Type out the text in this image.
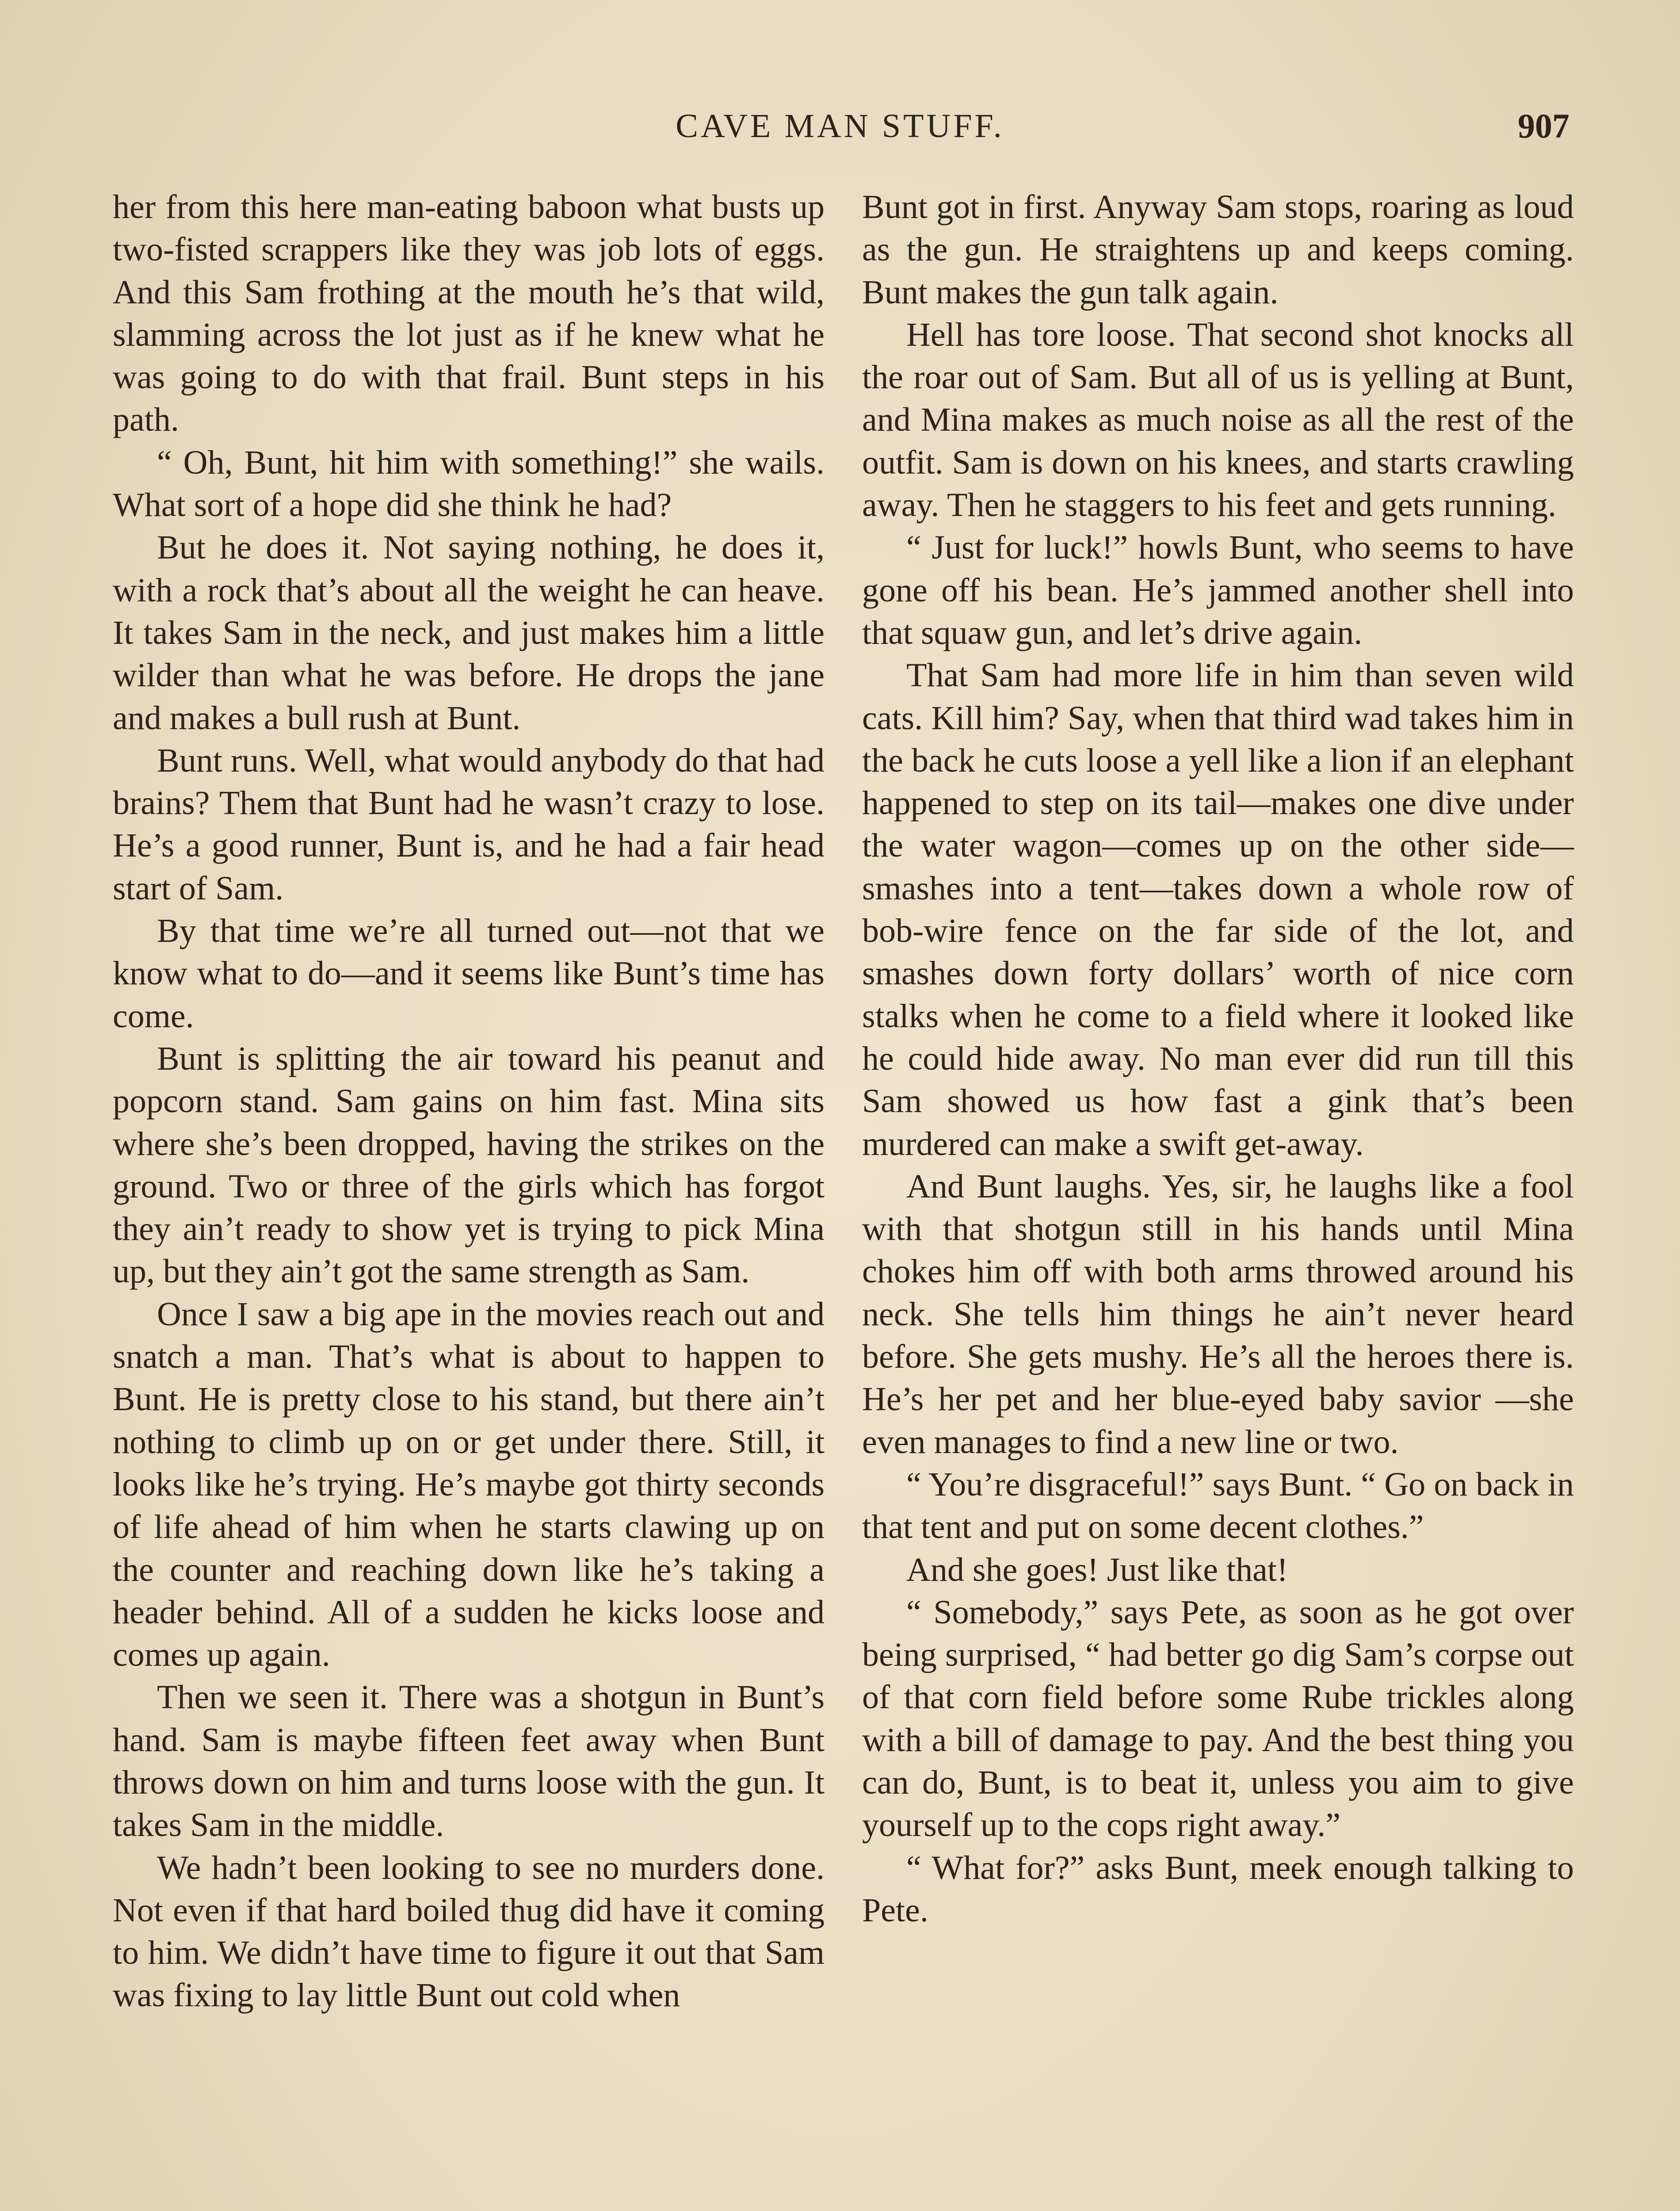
CAVE MAN STUFF.	907

her from this here man-eating baboon what busts up two-fisted scrappers like they was job lots of eggs. And this Sam frothing at the mouth he’s that wild, slamming across the lot just as if he knew what he was going to do with that frail. Bunt steps in his path.

“ Oh, Bunt, hit him with something!” she wails. What sort of a hope did she think he had?

But he does it. Not saying nothing, he does it, with a rock that’s about all the weight he can heave. It takes Sam in the neck, and just makes him a little wilder than what he was before. He drops the jane and makes a bull rush at Bunt.

Bunt runs. Well, what would anybody do that had brains? Them that Bunt had he wasn’t crazy to lose. He’s a good runner, Bunt is, and he had a fair head start of Sam.

By that time we’re all turned out—not that we know what to do—and it seems like Bunt’s time has come.

Bunt is splitting the air toward his peanut and popcorn stand. Sam gains on him fast. Mina sits where she’s been dropped, having the strikes on the ground. Two or three of the girls which has forgot they ain’t ready to show yet is trying to pick Mina up, but they ain’t got the same strength as Sam.

Once I saw a big ape in the movies reach out and snatch a man. That’s what is about to happen to Bunt. He is pretty close to his stand, but there ain’t nothing to climb up on or get under there. Still, it looks like he’s trying. He’s maybe got thirty seconds of life ahead of him when he starts clawing up on the counter and reaching down like he’s taking a header behind. All of a sudden he kicks loose and comes up again.

Then we seen it. There was a shotgun in Bunt’s hand. Sam is maybe fifteen feet away when Bunt throws down on him and turns loose with the gun. It takes Sam in the middle.

We hadn’t been looking to see no murders done. Not even if that hard boiled thug did have it coming to him. We didn’t have time to figure it out that Sam was fixing to lay little Bunt out cold when

Bunt got in first. Anyway Sam stops, roaring as loud as the gun. He straightens up and keeps coming. Bunt makes the gun talk again.

Hell has tore loose. That second shot knocks all the roar out of Sam. But all of us is yelling at Bunt, and Mina makes as much noise as all the rest of the outfit. Sam is down on his knees, and starts crawling away. Then he staggers to his feet and gets running.

“ Just for luck!” howls Bunt, who seems to have gone off his bean. He’s jammed another shell into that squaw gun, and let’s drive again.

That Sam had more life in him than seven wild cats. Kill him? Say, when that third wad takes him in the back he cuts loose a yell like a lion if an elephant happened to step on its tail—makes one dive under the water wagon—comes up on the other side—smashes into a tent—takes down a whole row of bob-wire fence on the far side of the lot, and smashes down forty dollars’ worth of nice corn stalks when he come to a field where it looked like he could hide away. No man ever did run till this Sam showed us how fast a gink that’s been murdered can make a swift get-away.

And Bunt laughs. Yes, sir, he laughs like a fool with that shotgun still in his hands until Mina chokes him off with both arms throwed around his neck. She tells him things he ain’t never heard before. She gets mushy. He’s all the heroes there is. He’s her pet and her blue-eyed baby savior —she even manages to find a new line or two.

“ You’re disgraceful!” says Bunt. “ Go on back in that tent and put on some decent clothes.”

And she goes! Just like that!

“ Somebody,” says Pete, as soon as he got over being surprised, “ had better go dig Sam’s corpse out of that corn field before some Rube trickles along with a bill of damage to pay. And the best thing you can do, Bunt, is to beat it, unless you aim to give yourself up to the cops right away.”

“ What for?” asks Bunt, meek enough talking to Pete.
